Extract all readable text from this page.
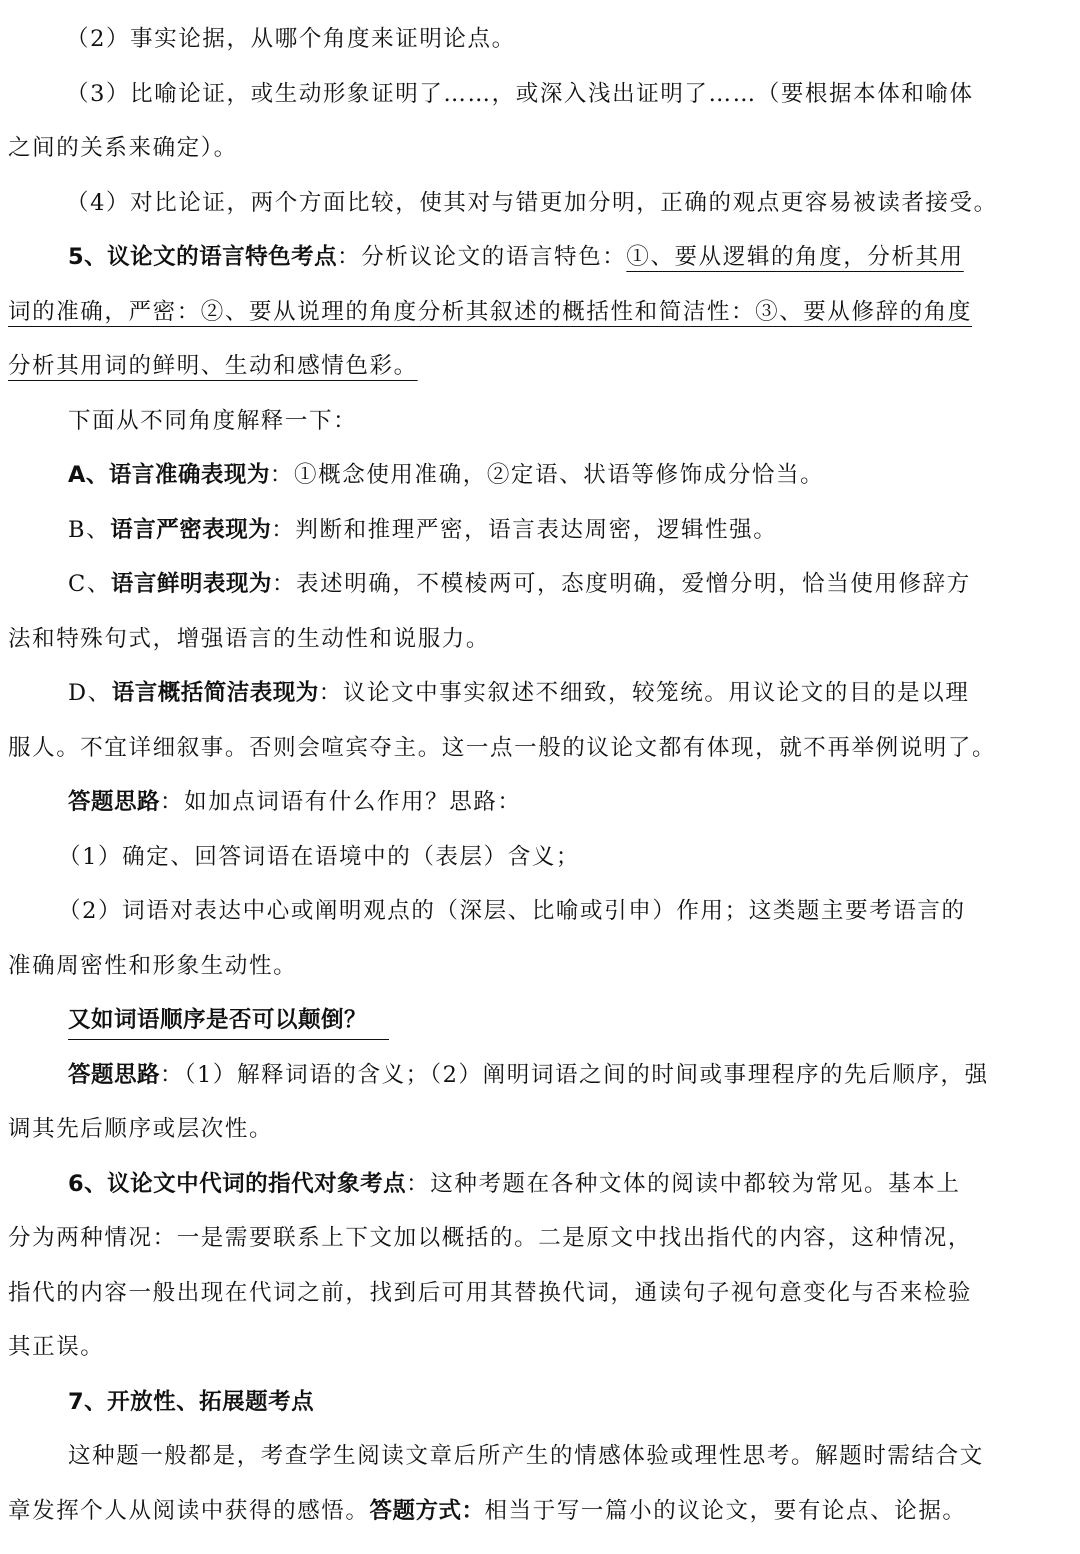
（2）事实论据，从哪个角度来证明论点。
（3）比喻论证，或生动形象证明了……，或深入浅出证明了……（要根据本体和喻体
之间的关系来确定）。
（4）对比论证，两个方面比较，使其对与错更加分明，正确的观点更容易被读者接受。
5、议论文的语言特色考点：分析议论文的语言特色：①、要从逻辑的角度，分析其用
词的准确，严密：②、要从说理的角度分析其叙述的概括性和简洁性：③、要从修辞的角度
分析其用词的鲜明、生动和感情色彩。
下面从不同角度解释一下：
A、语言准确表现为：①概念使用准确，②定语、状语等修饰成分恰当。
B、语言严密表现为：判断和推理严密，语言表达周密，逻辑性强。
C、语言鲜明表现为：表述明确，不模棱两可，态度明确，爱憎分明，恰当使用修辞方
法和特殊句式，增强语言的生动性和说服力。
D、语言概括简洁表现为：议论文中事实叙述不细致，较笼统。用议论文的目的是以理
服人。不宜详细叙事。否则会喧宾夺主。这一点一般的议论文都有体现，就不再举例说明了。
答题思路：如加点词语有什么作用？思路：
（1）确定、回答词语在语境中的（表层）含义；
（2）词语对表达中心或阐明观点的（深层、比喻或引申）作用；这类题主要考语言的
准确周密性和形象生动性。
又如词语顺序是否可以颠倒？
答题思路：（1）解释词语的含义；（2）阐明词语之间的时间或事理程序的先后顺序，强
调其先后顺序或层次性。
6、议论文中代词的指代对象考点：这种考题在各种文体的阅读中都较为常见。基本上
分为两种情况：一是需要联系上下文加以概括的。二是原文中找出指代的内容，这种情况，
指代的内容一般出现在代词之前，找到后可用其替换代词，通读句子视句意变化与否来检验
其正误。
7、开放性、拓展题考点
这种题一般都是，考查学生阅读文章后所产生的情感体验或理性思考。解题时需结合文
章发挥个人从阅读中获得的感悟。答题方式：相当于写一篇小的议论文，要有论点、论据。
